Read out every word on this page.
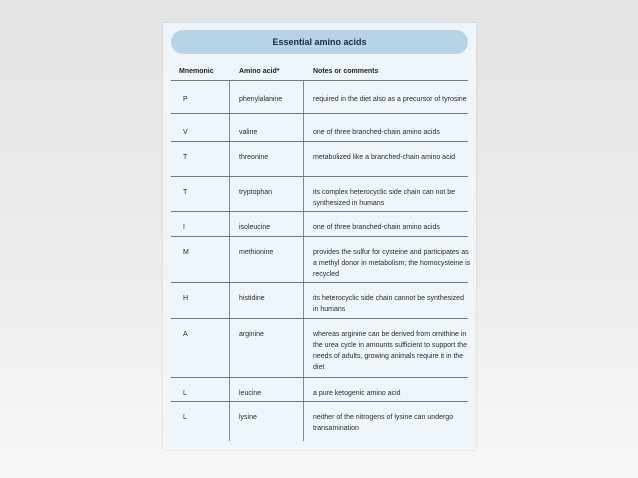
Essential amino acids
Mnemonic	Amino acid*	Notes or comments
P	phenylalanine	required in the diet also as a precursor of tyrosine
V	valine	one of three branched-chain amino acids
T	threonine	metabolized like a branched-chain amino acid
T	tryptophan	its complex heterocyclic side chain can not be synthesized in humans
I	isoleucine	one of three branched-chain amino acids
M	methionine	provides the sulfur for cysteine and participates as a methyl donor in metabolism; the homocysteine is recycled
H	histidine	its heterocyclic side chain cannot be synthesized in humans
A	arginine	whereas arginine can be derived from ornithine in the urea cycle in amounts sufficient to support the needs of adults, growing animals require it in the diet
L	leucine	a pure ketogenic amino acid
L	lysine	neither of the nitrogens of lysine can undergo transamination
